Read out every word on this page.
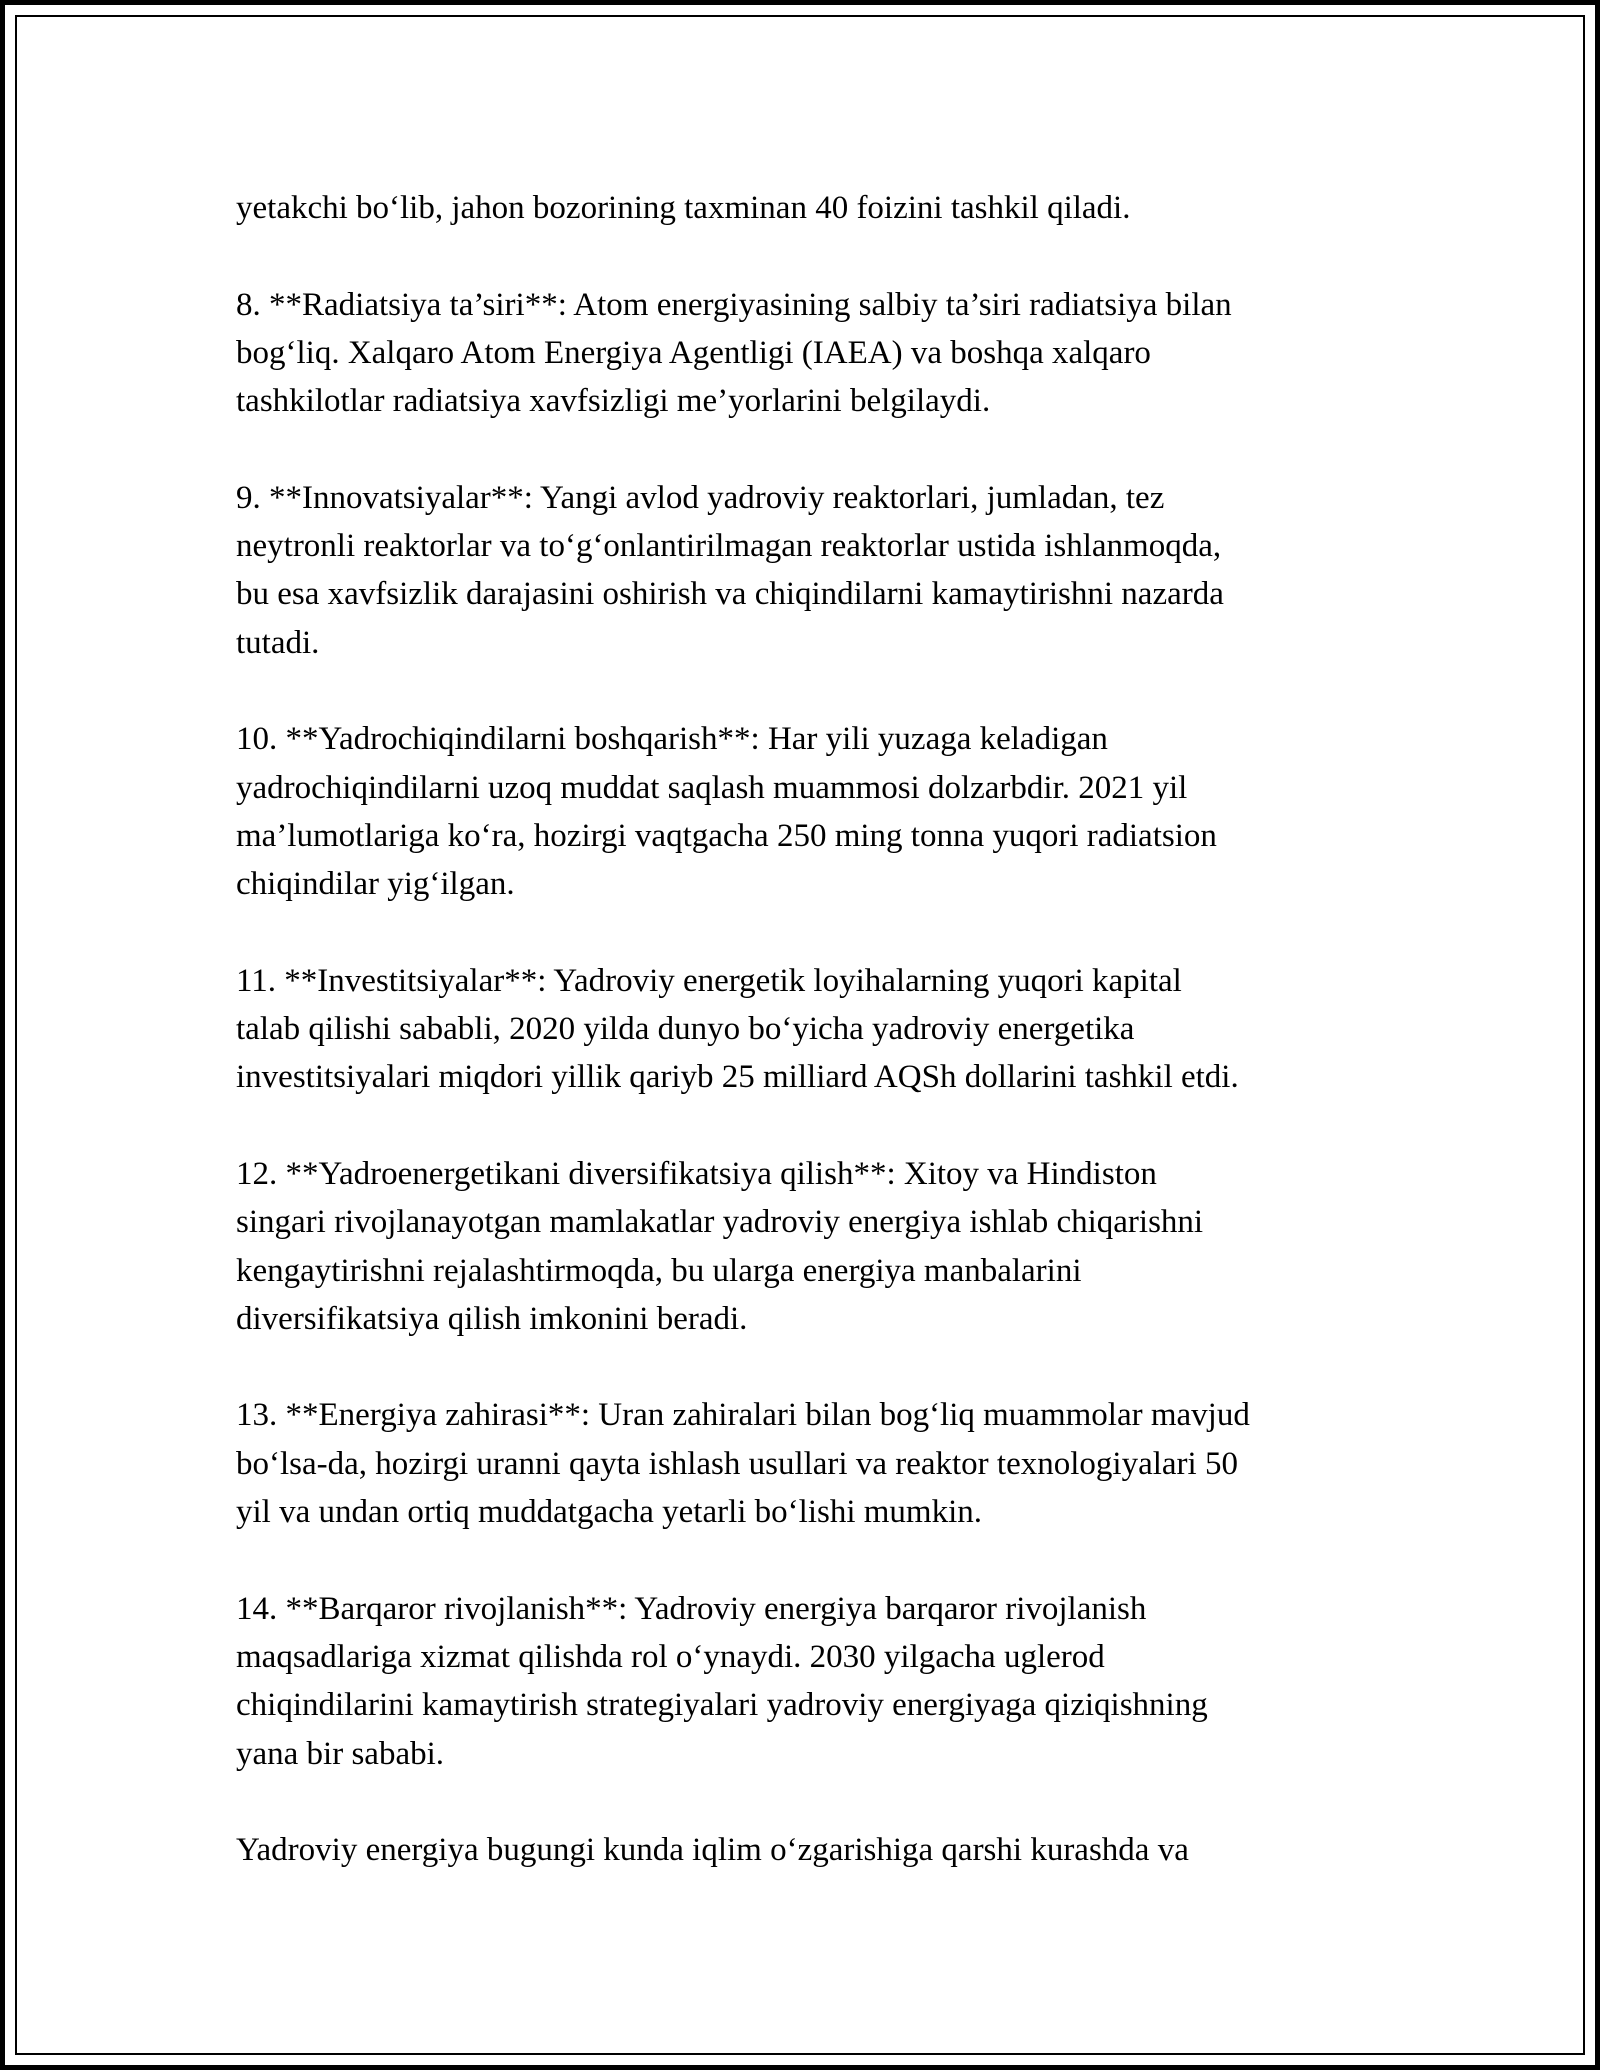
yetakchi bo‘lib, jahon bozorining taxminan 40 foizini tashkil qiladi.

8. **Radiatsiya ta’siri**: Atom energiyasining salbiy ta’siri radiatsiya bilan
bog‘liq. Xalqaro Atom Energiya Agentligi (IAEA) va boshqa xalqaro
tashkilotlar radiatsiya xavfsizligi me’yorlarini belgilaydi.

9. **Innovatsiyalar**: Yangi avlod yadroviy reaktorlari, jumladan, tez
neytronli reaktorlar va to‘g‘onlantirilmagan reaktorlar ustida ishlanmoqda,
bu esa xavfsizlik darajasini oshirish va chiqindilarni kamaytirishni nazarda
tutadi.

10. **Yadrochiqindilarni boshqarish**: Har yili yuzaga keladigan
yadrochiqindilarni uzoq muddat saqlash muammosi dolzarbdir. 2021 yil
ma’lumotlariga ko‘ra, hozirgi vaqtgacha 250 ming tonna yuqori radiatsion
chiqindilar yig‘ilgan.

11. **Investitsiyalar**: Yadroviy energetik loyihalarning yuqori kapital
talab qilishi sababli, 2020 yilda dunyo bo‘yicha yadroviy energetika
investitsiyalari miqdori yillik qariyb 25 milliard AQSh dollarini tashkil etdi.

12. **Yadroenergetikani diversifikatsiya qilish**: Xitoy va Hindiston
singari rivojlanayotgan mamlakatlar yadroviy energiya ishlab chiqarishni
kengaytirishni rejalashtirmoqda, bu ularga energiya manbalarini
diversifikatsiya qilish imkonini beradi.

13. **Energiya zahirasi**: Uran zahiralari bilan bog‘liq muammolar mavjud
bo‘lsa-da, hozirgi uranni qayta ishlash usullari va reaktor texnologiyalari 50
yil va undan ortiq muddatgacha yetarli bo‘lishi mumkin.

14. **Barqaror rivojlanish**: Yadroviy energiya barqaror rivojlanish
maqsadlariga xizmat qilishda rol o‘ynaydi. 2030 yilgacha uglerod
chiqindilarini kamaytirish strategiyalari yadroviy energiyaga qiziqishning
yana bir sababi.

Yadroviy energiya bugungi kunda iqlim o‘zgarishiga qarshi kurashda va
